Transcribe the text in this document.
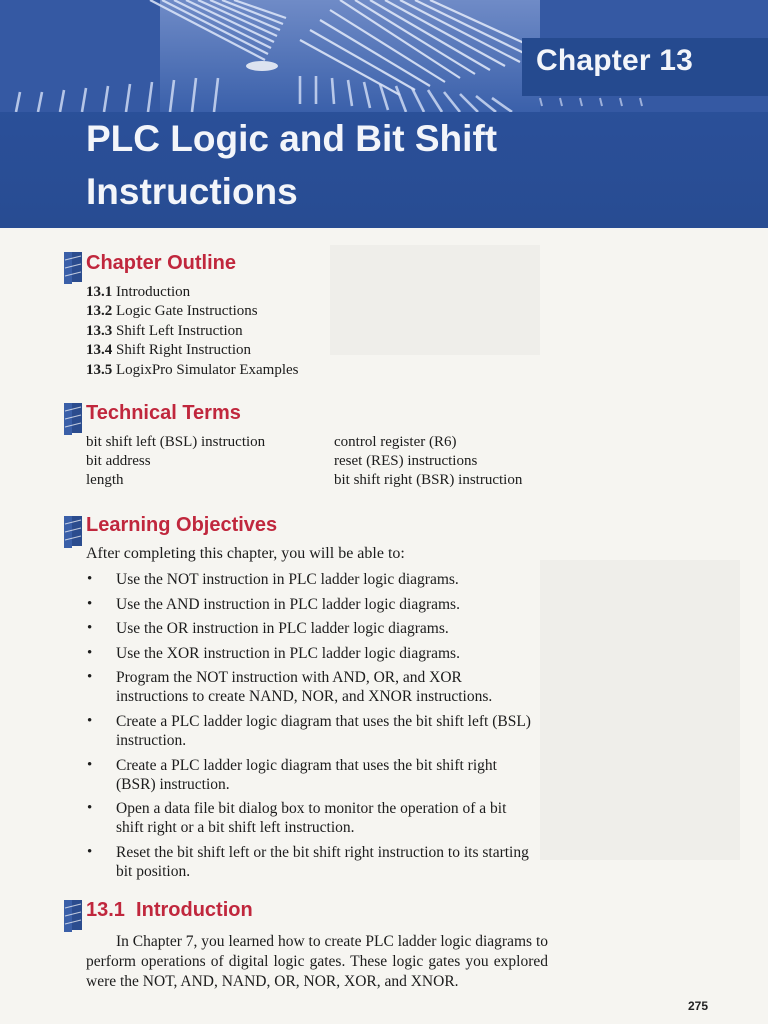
Chapter 13
PLC Logic and Bit Shift
Instructions
Chapter Outline
13.1 Introduction
13.2 Logic Gate Instructions
13.3 Shift Left Instruction
13.4 Shift Right Instruction
13.5 LogixPro Simulator Examples
Technical Terms
bit shift left (BSL) instruction
bit address
length
control register (R6)
reset (RES) instructions
bit shift right (BSR) instruction
Learning Objectives

After completing this chapter, you will be able to:

• Use the NOT instruction in PLC ladder logic diagrams.
• Use the AND instruction in PLC ladder logic diagrams.
• Use the OR instruction in PLC ladder logic diagrams.
• Use the XOR instruction in PLC ladder logic diagrams.
• Program the NOT instruction with AND, OR, and XOR instructions to create NAND, NOR, and XNOR instructions.
• Create a PLC ladder logic diagram that uses the bit shift left (BSL) instruction.
• Create a PLC ladder logic diagram that uses the bit shift right (BSR) instruction.
• Open a data file bit dialog box to monitor the operation of a bit shift right or a bit shift left instruction.
• Reset the bit shift left or the bit shift right instruction to its starting bit position.
13.1  Introduction

In Chapter 7, you learned how to create PLC ladder logic diagrams to perform operations of digital logic gates. These logic gates you explored were the NOT, AND, NAND, OR, NOR, XOR, and XNOR.

275
